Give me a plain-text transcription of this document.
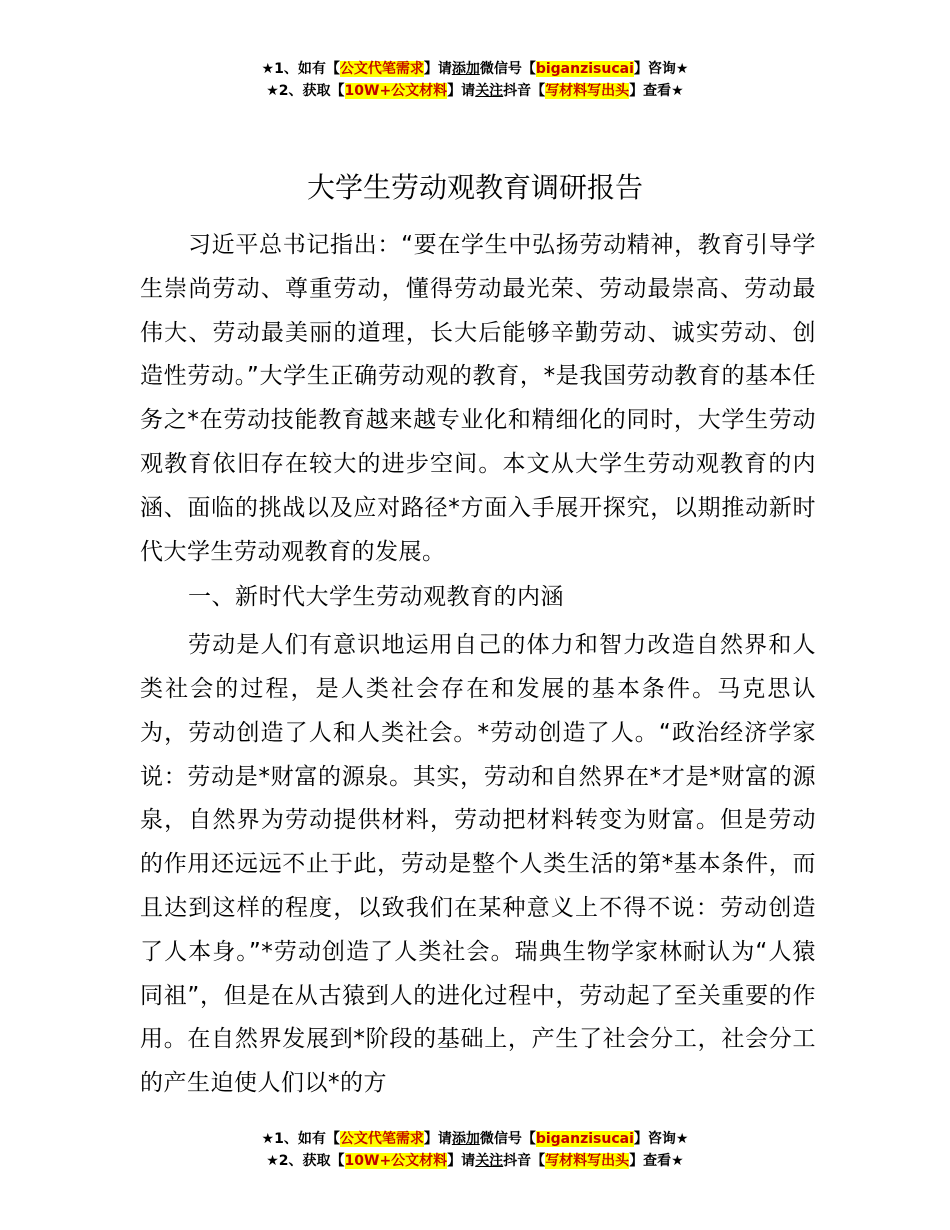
★1、如有【公文代笔需求】请添加微信号【biganzisucai】咨询★
★2、获取【10W+公文材料】请关注抖音【写材料写出头】查看★
大学生劳动观教育调研报告

习近平总书记指出：“要在学生中弘扬劳动精神，教育引导学生崇尚劳动、尊重劳动，懂得劳动最光荣、劳动最崇高、劳动最伟大、劳动最美丽的道理，长大后能够辛勤劳动、诚实劳动、创造性劳动。”大学生正确劳动观的教育，*是我国劳动教育的基本任务之*在劳动技能教育越来越专业化和精细化的同时，大学生劳动观教育依旧存在较大的进步空间。本文从大学生劳动观教育的内涵、面临的挑战以及应对路径*方面入手展开探究，以期推动新时代大学生劳动观教育的发展。

一、新时代大学生劳动观教育的内涵

劳动是人们有意识地运用自己的体力和智力改造自然界和人类社会的过程，是人类社会存在和发展的基本条件。马克思认为，劳动创造了人和人类社会。*劳动创造了人。“政治经济学家说：劳动是*财富的源泉。其实，劳动和自然界在*才是*财富的源泉，自然界为劳动提供材料，劳动把材料转变为财富。但是劳动的作用还远远不止于此，劳动是整个人类生活的第*基本条件，而且达到这样的程度，以致我们在某种意义上不得不说：劳动创造了人本身。”*劳动创造了人类社会。瑞典生物学家林耐认为“人猿同祖”，但是在从古猿到人的进化过程中，劳动起了至关重要的作用。在自然界发展到*阶段的基础上，产生了社会分工，社会分工的产生迫使人们以*的方

★1、如有【公文代笔需求】请添加微信号【biganzisucai】咨询★
★2、获取【10W+公文材料】请关注抖音【写材料写出头】查看★
